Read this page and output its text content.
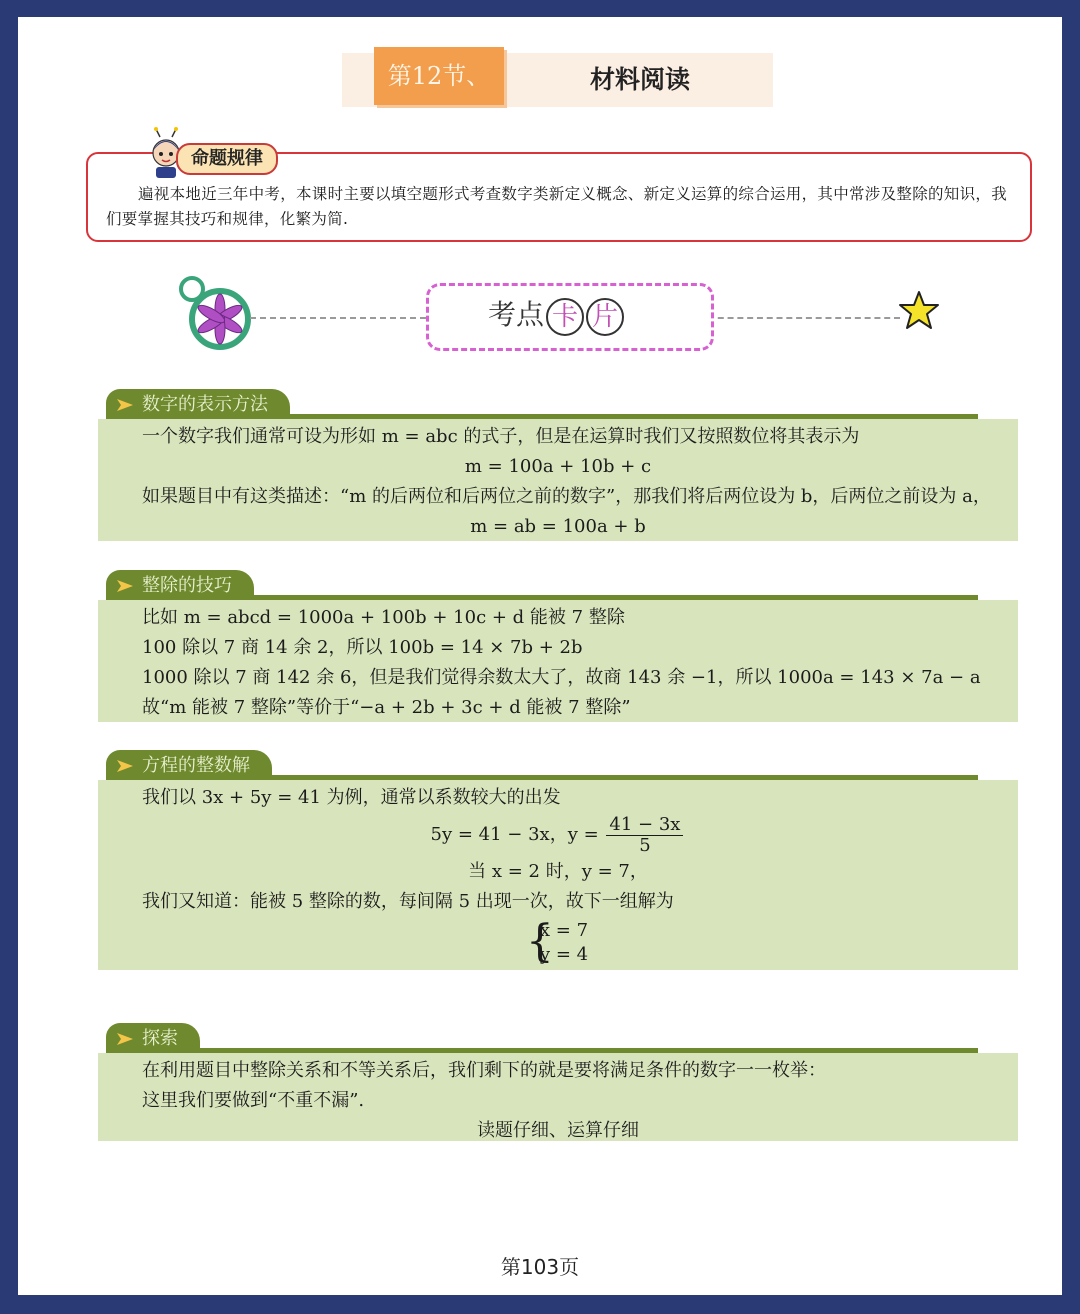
第12节、	材料阅读
遍视本地近三年中考，本课时主要以填空题形式考查数字类新定义概念、新定义运算的综合运用，其中常涉及整除的知识，我们要掌握其技巧和规律，化繁为简.
命题规律
考点 卡 片
一个数字我们通常可设为形如 m = abc 的式子，但是在运算时我们又按照数位将其表示为
m = 100a + 10b + c
如果题目中有这类描述：“m 的后两位和后两位之前的数字”，那我们将后两位设为 b，后两位之前设为 a，
m = ab = 100a + b
数字的表示方法
比如 m = abcd = 1000a + 100b + 10c + d 能被 7 整除
100 除以 7 商 14 余 2，所以 100b = 14 × 7b + 2b
1000 除以 7 商 142 余 6，但是我们觉得余数太大了，故商 143 余 −1，所以 1000a = 143 × 7a − a
故“m 能被 7 整除”等价于“−a + 2b + 3c + d 能被 7 整除”
整除的技巧
我们以 3x + 5y = 41 为例，通常以系数较大的出发
5y = 41 − 3x，$y = \frac{41 - 3x}{5}$
当 x = 2 时，y = 7，
我们又知道：能被 5 整除的数，每间隔 5 出现一次，故下一组解为
{ x = 7
y = 4
方程的整数解
在利用题目中整除关系和不等关系后，我们剩下的就是要将满足条件的数字一一枚举：
这里我们要做到“不重不漏”.
读题仔细、运算仔细
探索
第103页
